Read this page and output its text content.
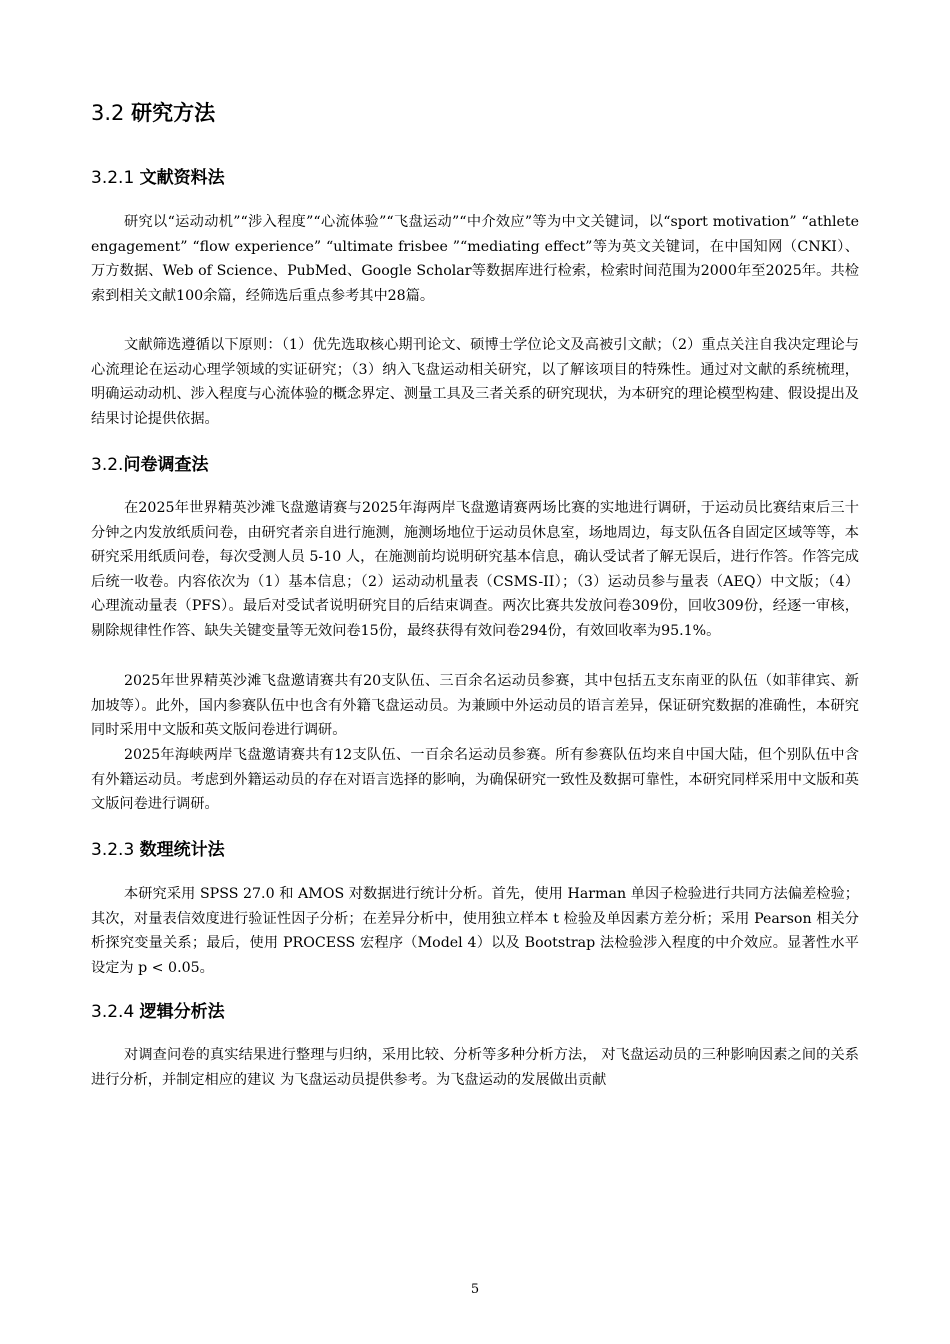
3.2 研究方法
3.2.1 文献资料法

研究以“运动动机”“涉入程度”“心流体验”“飞盘运动”“中介效应”等为中文关键词，以“sport motivation” “athlete engagement” “flow experience” “ultimate frisbee ”“mediating effect”等为英文关键词，在中国知网（CNKI）、万方数据、Web of Science、PubMed、Google Scholar等数据库进行检索，检索时间范围为2000年至2025年。共检索到相关文献100余篇，经筛选后重点参考其中28篇。

文献筛选遵循以下原则：（1）优先选取核心期刊论文、硕博士学位论文及高被引文献；（2）重点关注自我决定理论与心流理论在运动心理学领域的实证研究；（3）纳入飞盘运动相关研究，以了解该项目的特殊性。通过对文献的系统梳理，明确运动动机、涉入程度与心流体验的概念界定、测量工具及三者关系的研究现状，为本研究的理论模型构建、假设提出及结果讨论提供依据。

3.2.问卷调查法

在2025年世界精英沙滩飞盘邀请赛与2025年海两岸飞盘邀请赛两场比赛的实地进行调研，于运动员比赛结束后三十分钟之内发放纸质问卷，由研究者亲自进行施测，施测场地位于运动员休息室，场地周边，每支队伍各自固定区域等等，本研究采用纸质问卷，每次受测人员 5-10 人，在施测前均说明研究基本信息，确认受试者了解无误后，进行作答。作答完成后统一收卷。内容依次为（1）基本信息；（2）运动动机量表（CSMS-II）；（3）运动员参与量表（AEQ）中文版；（4）心理流动量表（PFS）。最后对受试者说明研究目的后结束调查。两次比赛共发放问卷309份，回收309份，经逐一审核，剔除规律性作答、缺失关键变量等无效问卷15份，最终获得有效问卷294份，有效回收率为95.1%。

2025年世界精英沙滩飞盘邀请赛共有20支队伍、三百余名运动员参赛，其中包括五支东南亚的队伍（如菲律宾、新加坡等）。此外，国内参赛队伍中也含有外籍飞盘运动员。为兼顾中外运动员的语言差异，保证研究数据的准确性，本研究同时采用中文版和英文版问卷进行调研。

2025年海峡两岸飞盘邀请赛共有12支队伍、一百余名运动员参赛。所有参赛队伍均来自中国大陆，但个别队伍中含有外籍运动员。考虑到外籍运动员的存在对语言选择的影响，为确保研究一致性及数据可靠性，本研究同样采用中文版和英文版问卷进行调研。

3.2.3 数理统计法

本研究采用 SPSS 27.0 和 AMOS 对数据进行统计分析。首先，使用 Harman 单因子检验进行共同方法偏差检验；其次，对量表信效度进行验证性因子分析；在差异分析中，使用独立样本 t 检验及单因素方差分析；采用 Pearson 相关分析探究变量关系；最后，使用 PROCESS 宏程序（Model 4）以及 Bootstrap 法检验涉入程度的中介效应。显著性水平设定为 p < 0.05。

3.2.4 逻辑分析法

对调查问卷的真实结果进行整理与归纳，采用比较、分析等多种分析方法， 对飞盘运动员的三种影响因素之间的关系进行分析，并制定相应的建议 为飞盘运动员提供参考。为飞盘运动的发展做出贡献

5
